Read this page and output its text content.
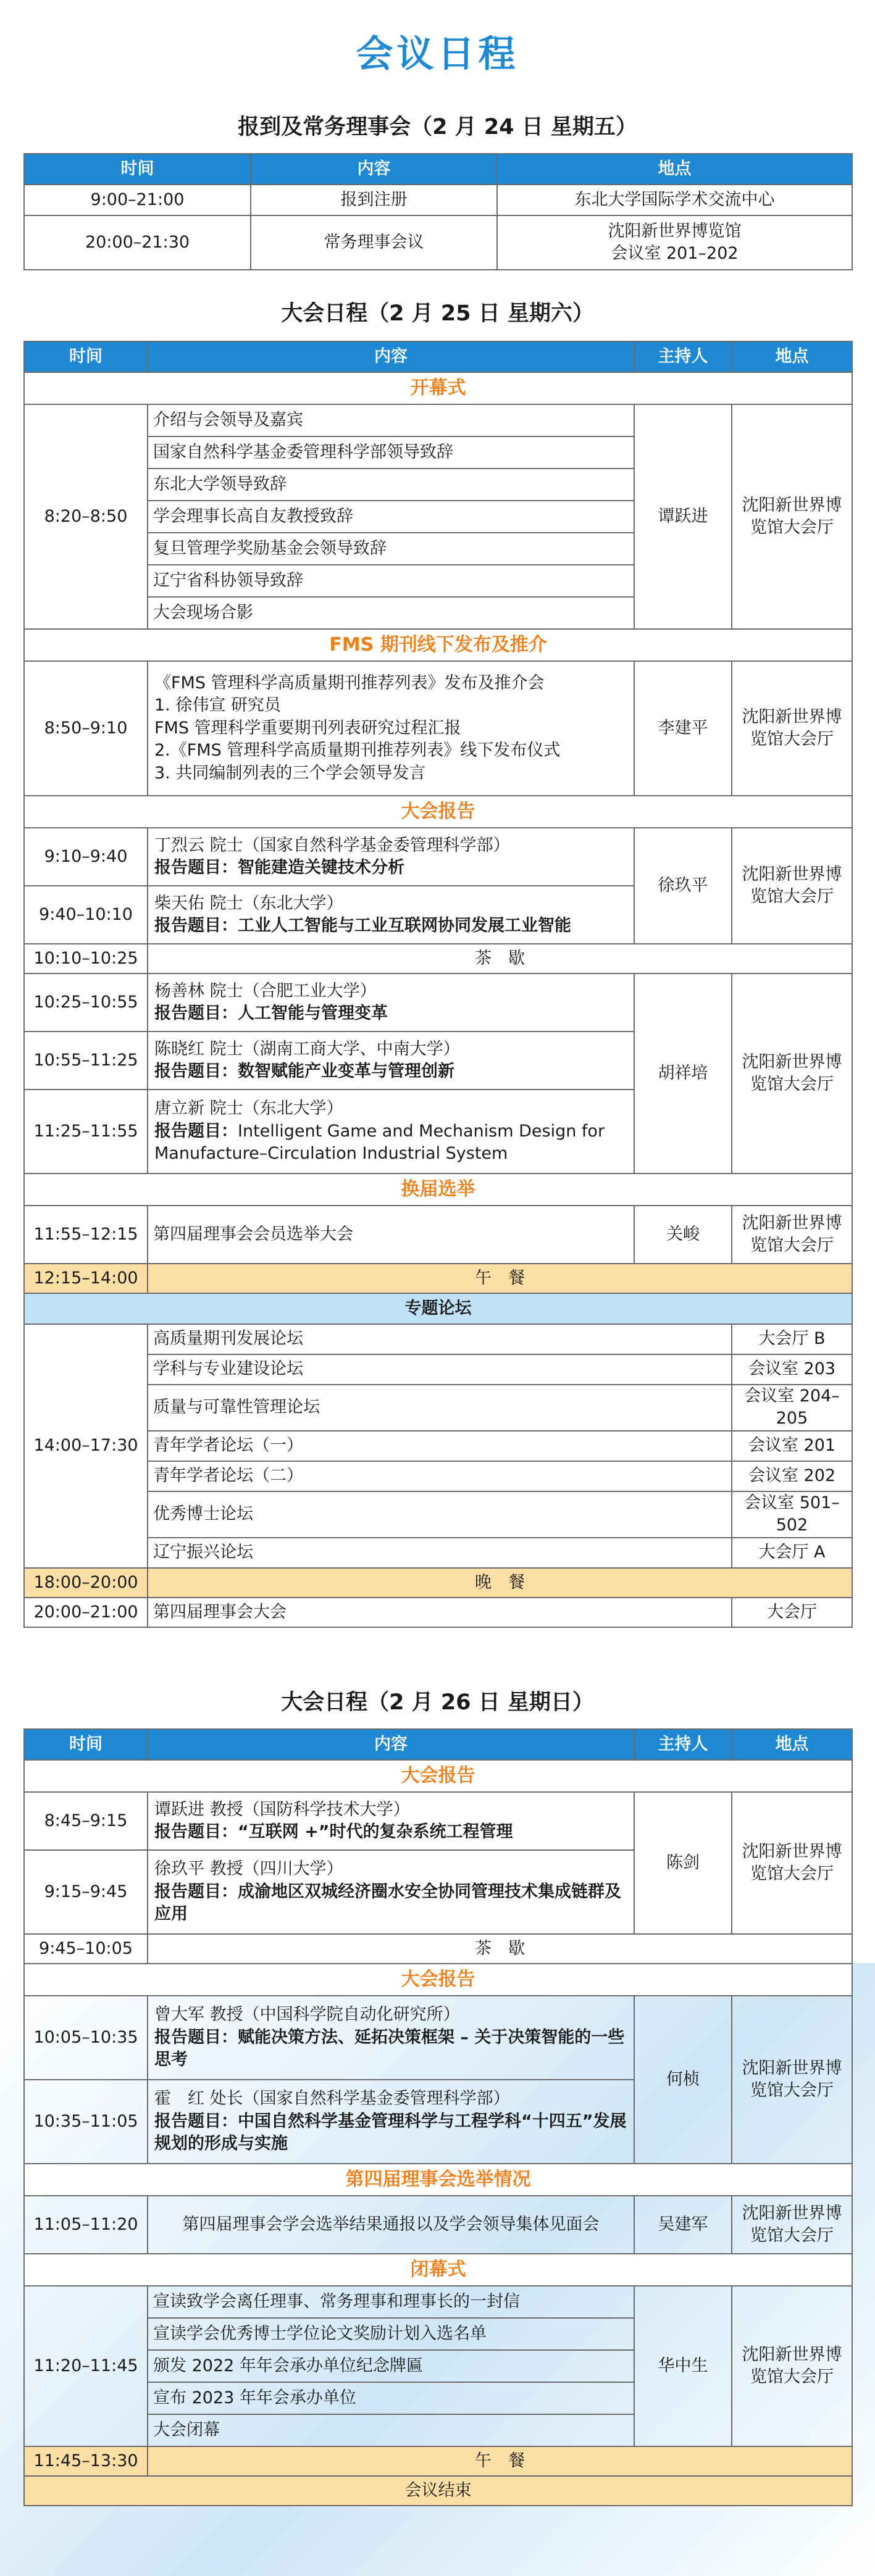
会议日程
报到及常务理事会（2 月 24 日 星期五）
时间	内容	地点
9:00–21:00	报到注册	东北大学国际学术交流中心
20:00–21:30	常务理事会议	沈阳新世界博览馆
会议室 201–202
大会日程（2 月 25 日 星期六）
时间	内容	主持人	地点
开幕式			
8:20–8:50	介绍与会领导及嘉宾	谭跃进	沈阳新世界博览馆大会厅
	国家自然科学基金委管理科学部领导致辞		
	东北大学领导致辞		
	学会理事长高自友教授致辞		
	复旦管理学奖励基金会领导致辞		
	辽宁省科协领导致辞		
	大会现场合影		
FMS 期刊线下发布及推介			
8:50–9:10	《FMS 管理科学高质量期刊推荐列表》发布及推介会
1. 徐伟宣 研究员
FMS 管理科学重要期刊列表研究过程汇报
2.《FMS 管理科学高质量期刊推荐列表》线下发布仪式
3. 共同编制列表的三个学会领导发言	李建平	沈阳新世界博览馆大会厅
大会报告			
9:10–9:40	丁烈云 院士（国家自然科学基金委管理科学部）
报告题目：智能建造关键技术分析	徐玖平	沈阳新世界博览馆大会厅
9:40–10:10	柴天佑 院士（东北大学）
报告题目：工业人工智能与工业互联网协同发展工业智能		

10:10–10:25	茶　歇		
10:25–10:55	杨善林 院士（合肥工业大学）
报告题目：人工智能与管理变革	胡祥培	沈阳新世界博览馆大会厅
10:55–11:25	陈晓红 院士（湖南工商大学、中南大学）
报告题目：数智赋能产业变革与管理创新		

11:25–11:55	唐立新 院士（东北大学）
报告题目：Intelligent Game and Mechanism Design for Manufacture–Circulation Industrial System		

换届选举			
11:55–12:15	第四届理事会会员选举大会	关峻	沈阳新世界博览馆大会厅
12:15–14:00	午　餐		
专题论坛			
14:00–17:30	高质量期刊发展论坛		大会厅 B
	学科与专业建设论坛		会议室 203
	质量与可靠性管理论坛		会议室 204–205
	青年学者论坛（一）		会议室 201
	青年学者论坛（二）		会议室 202
	优秀博士论坛		会议室 501–502
	辽宁振兴论坛		大会厅 A
18:00–20:00	晚　餐		
20:00–21:00	第四届理事会大会		大会厅
大会日程（2 月 26 日 星期日）
时间	内容	主持人	地点
大会报告			
8:45–9:15	谭跃进 教授（国防科学技术大学）
报告题目：“互联网 +”时代的复杂系统工程管理	陈剑	沈阳新世界博览馆大会厅
9:15–9:45	徐玖平 教授（四川大学）
报告题目：成渝地区双城经济圈水安全协同管理技术集成链群及应用		

9:45–10:05	茶　歇		
大会报告			
10:05–10:35	曾大军 教授（中国科学院自动化研究所）
报告题目：赋能决策方法、延拓决策框架 – 关于决策智能的一些思考	何桢	沈阳新世界博览馆大会厅
10:35–11:05	霍　红 处长（国家自然科学基金委管理科学部）
报告题目：中国自然科学基金管理科学与工程学科“十四五”发展规划的形成与实施		

第四届理事会选举情况			
11:05–11:20	第四届理事会学会选举结果通报以及学会领导集体见面会	吴建军	沈阳新世界博览馆大会厅
闭幕式			
11:20–11:45	宣读致学会离任理事、常务理事和理事长的一封信	华中生	沈阳新世界博览馆大会厅
	宣读学会优秀博士学位论文奖励计划入选名单		
	颁发 2022 年年会承办单位纪念牌匾		
	宣布 2023 年年会承办单位		
	大会闭幕		
11:45–13:30	午　餐		
会议结束			
